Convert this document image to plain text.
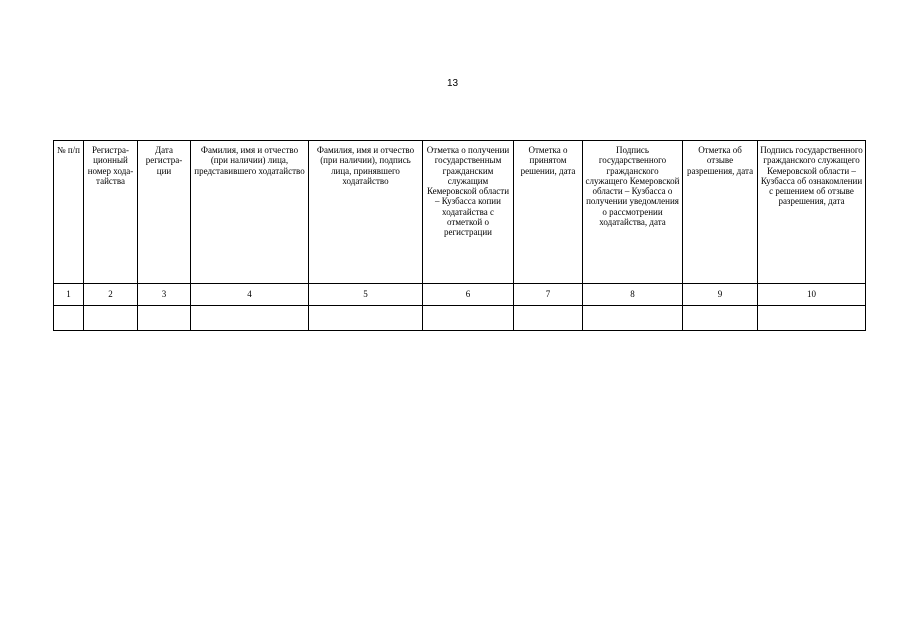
13
№ п/п	Регистра-ционный номер хода-тайства	Дата регистра-ции	Фамилия, имя и отчество (при наличии) лица, представившего ходатайство	Фамилия, имя и отчество (при наличии), подпись лица, принявшего ходатайство	Отметка о получении государственным гражданским служащим Кемеровской области – Кузбасса копии ходатайства с отметкой о регистрации	Отметка о принятом решении, дата	Подпись государственного гражданского служащего Кемеровской области – Кузбасса о получении уведомления о рассмотрении ходатайства, дата	Отметка об отзыве разрешения, дата	Подпись государственного гражданского служащего Кемеровской области – Кузбасса об ознакомлении с решением об отзыве разрешения, дата
1	2	3	4	5	6	7	8	9	10
